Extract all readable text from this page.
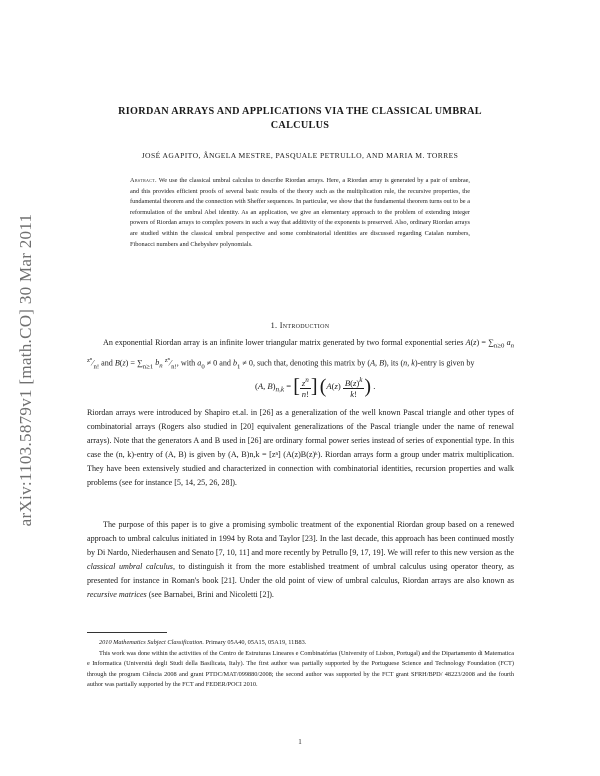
arXiv:1103.5879v1 [math.CO] 30 Mar 2011
RIORDAN ARRAYS AND APPLICATIONS VIA THE CLASSICAL UMBRAL CALCULUS
JOSÉ AGAPITO, ÂNGELA MESTRE, PASQUALE PETRULLO, AND MARIA M. TORRES
Abstract. We use the classical umbral calculus to describe Riordan arrays. Here, a Riordan array is generated by a pair of umbrae, and this provides efficient proofs of several basic results of the theory such as the multiplication rule, the recursive properties, the fundamental theorem and the connection with Sheffer sequences. In particular, we show that the fundamental theorem turns out to be a reformulation of the umbral Abel identity. As an application, we give an elementary approach to the problem of extending integer powers of Riordan arrays to complex powers in such a way that additivity of the exponents is preserved. Also, ordinary Riordan arrays are studied within the classical umbral perspective and some combinatorial identities are discussed regarding Catalan numbers, Fibonacci numbers and Chebyshev polynomials.
1. Introduction
An exponential Riordan array is an infinite lower triangular matrix generated by two formal exponential series $A(z) = \sum_{n\ge 0}$ $a_n$ $^{z^n}⁄_{n!}$ and $B(z) = \sum_{n\ge 1}$ $b_n$ $^{z^n}⁄_{n!}$, with $a_0 \ne 0$ and $b_1 \ne 0$, such that, denoting this matrix by (A, B), its (n, k)-entry is given by
(A, $B)_{n,k}$ = [ $\frac{z^n}{n!}$ ] ($A(z) \frac{B(z)^k}{k!}$ ) .
Riordan arrays were introduced by Shapiro et.al. in [26] as a generalization of the well known Pascal triangle and other types of combinatorial arrays (Rogers also studied in [20] equivalent generalizations of the Pascal triangle under the name of renewal arrays). Note that the generators A and B used in [26] are ordinary formal power series instead of series of exponential type. In this case the (n, k)-entry of (A, B) is given by (A, B)n,k = [zⁿ] (A(z)B(z)ᵏ). Riordan arrays form a group under matrix multiplication. They have been extensively studied and characterized in connection with combinatorial identities, recursion properties and walk problems (see for instance [5, 14, 25, 26, 28]).
The purpose of this paper is to give a promising symbolic treatment of the exponential Riordan group based on a renewed approach to umbral calculus initiated in 1994 by Rota and Taylor [23]. In the last decade, this approach has been continued mostly by Di Nardo, Niederhausen and Senato [7, 10, 11] and more recently by Petrullo [9, 17, 19]. We will refer to this new version as the classical umbral calculus, to distinguish it from the more established treatment of umbral calculus using operator theory, as presented for instance in Roman's book [21]. Under the old point of view of umbral calculus, Riordan arrays are also known as recursive matrices (see Barnabei, Brini and Nicoletti [2]).

2010 Mathematics Subject Classification. Primary 05A40, 05A15, 05A19, 11B83.

This work was done within the activities of the Centro de Estruturas Lineares e Combinatórias (University of Lisbon, Portugal) and the Dipartamento di Matematica e Informatica (Università degli Studi della Basilicata, Italy). The first author was partially supported by the Portuguese Science and Technology Foundation (FCT) through the program Ciência 2008 and grant PTDC/MAT/099880/2008; the second author was supported by the FCT grant SFRH/BPD/ 48223/2008 and the fourth author was partially supported by the FCT and FEDER/POCI 2010.

1
